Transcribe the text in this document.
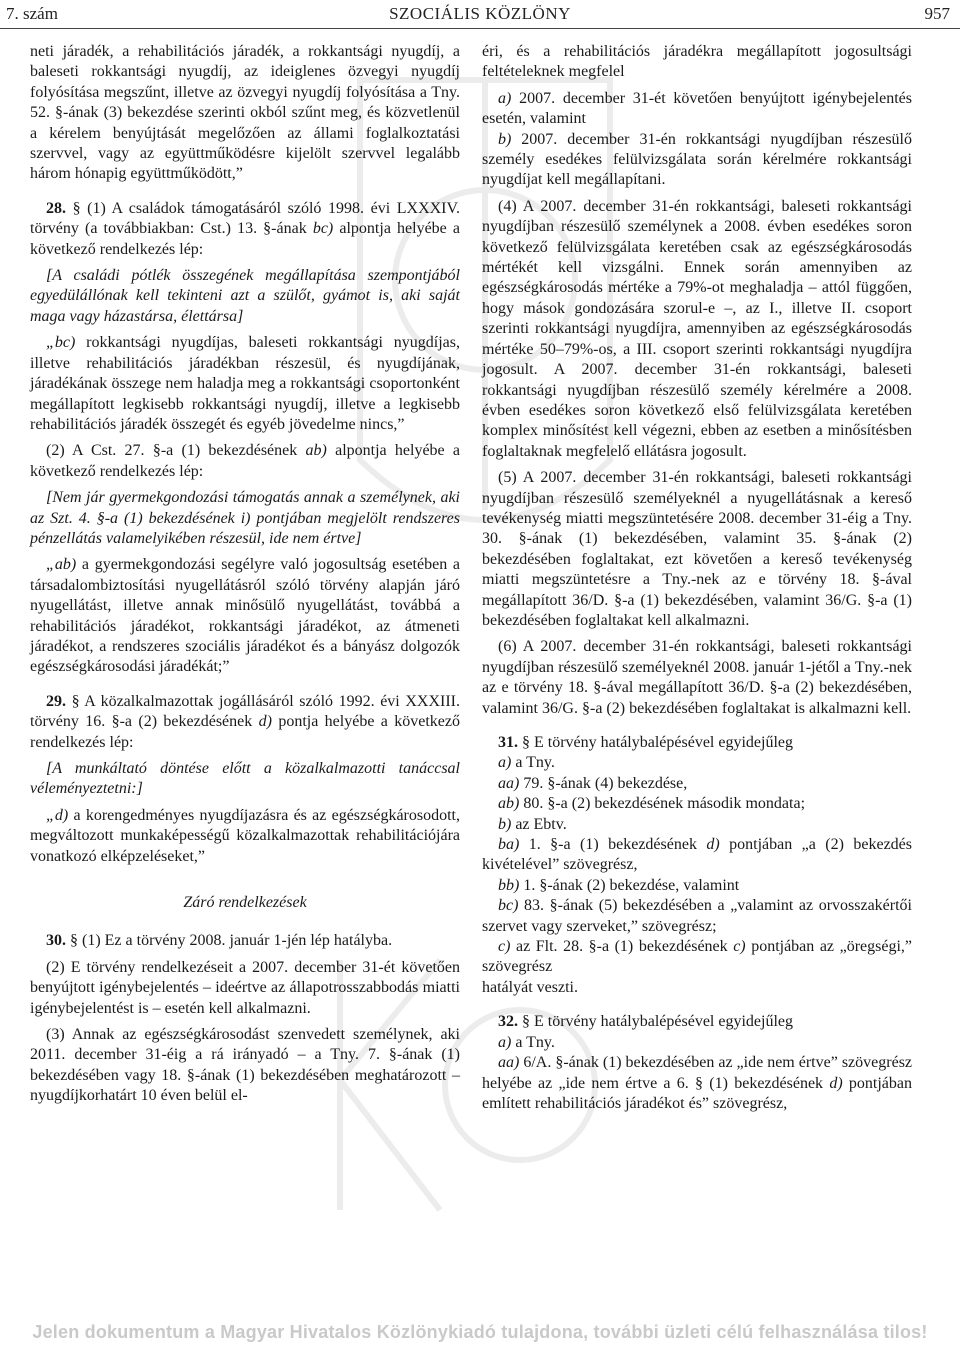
7. szám	SZOCIÁLIS KÖZLÖNY	957

neti járadék, a rehabilitációs járadék, a rokkantsági nyugdíj, a baleseti rokkantsági nyugdíj, az ideiglenes özvegyi nyugdíj folyósítása megszűnt, illetve az özvegyi nyugdíj folyósítása a Tny. 52. §-ának (3) bekezdése szerinti okból szűnt meg, és közvetlenül a kérelem benyújtását megelőzően az állami foglalkoztatási szervvel, vagy az együttműködésre kijelölt szervvel legalább három hónapig együttműködött,”

28. § (1) A családok támogatásáról szóló 1998. évi LXXXIV. törvény (a továbbiakban: Cst.) 13. §-ának bc) alpontja helyébe a következő rendelkezés lép:

[A családi pótlék összegének megállapítása szempontjából egyedülállónak kell tekinteni azt a szülőt, gyámot is, aki saját maga vagy házastársa, élettársa]

„bc) rokkantsági nyugdíjas, baleseti rokkantsági nyugdíjas, illetve rehabilitációs járadékban részesül, és nyugdíjának, járadékának összege nem haladja meg a rokkantsági csoportonként megállapított legkisebb rokkantsági nyugdíj, illetve a legkisebb rehabilitációs járadék összegét és egyéb jövedelme nincs,”

(2) A Cst. 27. §-a (1) bekezdésének ab) alpontja helyébe a következő rendelkezés lép:

[Nem jár gyermekgondozási támogatás annak a személynek, aki az Szt. 4. §-a (1) bekezdésének i) pontjában megjelölt rendszeres pénzellátás valamelyikében részesül, ide nem értve]

„ab) a gyermekgondozási segélyre való jogosultság esetében a társadalombiztosítási nyugellátásról szóló törvény alapján járó nyugellátást, illetve annak minősülő nyugellátást, továbbá a rehabilitációs járadékot, rokkantsági járadékot, az átmeneti járadékot, a rendszeres szociális járadékot és a bányász dolgozók egészségkárosodási járadékát;”

29. § A közalkalmazottak jogállásáról szóló 1992. évi XXXIII. törvény 16. §-a (2) bekezdésének d) pontja helyébe a következő rendelkezés lép:

[A munkáltató döntése előtt a közalkalmazotti tanáccsal véleményeztetni:]

„d) a korengedményes nyugdíjazásra és az egészségkárosodott, megváltozott munkaképességű közalkalmazottak rehabilitációjára vonatkozó elképzeléseket,”

Záró rendelkezések

30. § (1) Ez a törvény 2008. január 1-jén lép hatályba.

(2) E törvény rendelkezéseit a 2007. december 31-ét követően benyújtott igénybejelentés – ideértve az állapotrosszabbodás miatti igénybejelentést is – esetén kell alkalmazni.

(3) Annak az egészségkárosodást szenvedett személynek, aki 2011. december 31-éig a rá irányadó – a Tny. 7. §-ának (1) bekezdésében vagy 18. §-ának (1) bekezdésében meghatározott – nyugdíjkorhatárt 10 éven belül el-

éri, és a rehabilitációs járadékra megállapított jogosultsági feltételeknek megfelel

a) 2007. december 31-ét követően benyújtott igénybejelentés esetén, valamint

b) 2007. december 31-én rokkantsági nyugdíjban részesülő személy esedékes felülvizsgálata során kérelmére rokkantsági nyugdíjat kell megállapítani.

(4) A 2007. december 31-én rokkantsági, baleseti rokkantsági nyugdíjban részesülő személynek a 2008. évben esedékes soron következő felülvizsgálata keretében csak az egészségkárosodás mértékét kell vizsgálni. Ennek során amennyiben az egészségkárosodás mértéke a 79%-ot meghaladja – attól függően, hogy mások gondozására szorul-e –, az I., illetve II. csoport szerinti rokkantsági nyugdíjra, amennyiben az egészségkárosodás mértéke 50–79%-os, a III. csoport szerinti rokkantsági nyugdíjra jogosult. A 2007. december 31-én rokkantsági, baleseti rokkantsági nyugdíjban részesülő személy kérelmére a 2008. évben esedékes soron következő első felülvizsgálata keretében komplex minősítést kell végezni, ebben az esetben a minősítésben foglaltaknak megfelelő ellátásra jogosult.

(5) A 2007. december 31-én rokkantsági, baleseti rokkantsági nyugdíjban részesülő személyeknél a nyugellátásnak a kereső tevékenység miatti megszüntetésére 2008. december 31-éig a Tny. 30. §-ának (1) bekezdésében, valamint 35. §-ának (2) bekezdésében foglaltakat, ezt követően a kereső tevékenység miatti megszüntetésre a Tny.-nek az e törvény 18. §-ával megállapított 36/D. §-a (1) bekezdésében, valamint 36/G. §-a (1) bekezdésében foglaltakat kell alkalmazni.

(6) A 2007. december 31-én rokkantsági, baleseti rokkantsági nyugdíjban részesülő személyeknél 2008. január 1-jétől a Tny.-nek az e törvény 18. §-ával megállapított 36/D. §-a (2) bekezdésében, valamint 36/G. §-a (2) bekezdésében foglaltakat is alkalmazni kell.

31. § E törvény hatálybalépésével egyidejűleg

a) a Tny.

aa) 79. §-ának (4) bekezdése,

ab) 80. §-a (2) bekezdésének második mondata;

b) az Ebtv.

ba) 1. §-a (1) bekezdésének d) pontjában „a (2) bekezdés kivételével” szövegrész,

bb) 1. §-ának (2) bekezdése, valamint

bc) 83. §-ának (5) bekezdésében a „valamint az orvosszakértői szervet vagy szerveket,” szövegrész;

c) az Flt. 28. §-a (1) bekezdésének c) pontjában az „öregségi,” szövegrész

hatályát veszti.

32. § E törvény hatálybalépésével egyidejűleg

a) a Tny.

aa) 6/A. §-ának (1) bekezdésében az „ide nem értve” szövegrész helyébe az „ide nem értve a 6. § (1) bekezdésének d) pontjában említett rehabilitációs járadékot és” szövegrész,

Jelen dokumentum a Magyar Hivatalos Közlönykiadó tulajdona, további üzleti célú felhasználása tilos!
